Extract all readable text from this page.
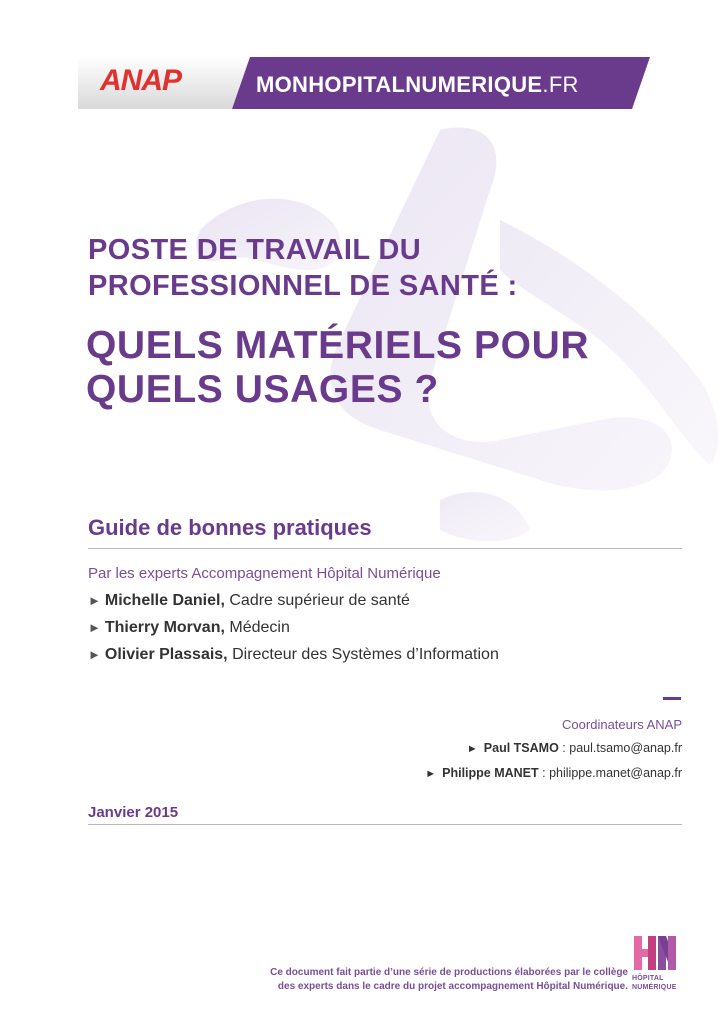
ANAP	MONHOPITALNUMERIQUE.FR
POSTE DE TRAVAIL DU
PROFESSIONNEL DE SANTÉ :
QUELS MATÉRIELS POUR
QUELS USAGES ?
Guide de bonnes pratiques
Par les experts Accompagnement Hôpital Numérique
► Michelle Daniel, Cadre supérieur de santé
► Thierry Morvan, Médecin
► Olivier Plassais, Directeur des Systèmes d’Information
Coordinateurs ANAP
► Paul TSAMO : paul.tsamo@anap.fr
► Philippe MANET : philippe.manet@anap.fr
Janvier 2015
Ce document fait partie d’une série de productions élaborées par le collège
des experts dans le cadre du projet accompagnement Hôpital Numérique.
HÔPITAL
NUMÉRIQUE
